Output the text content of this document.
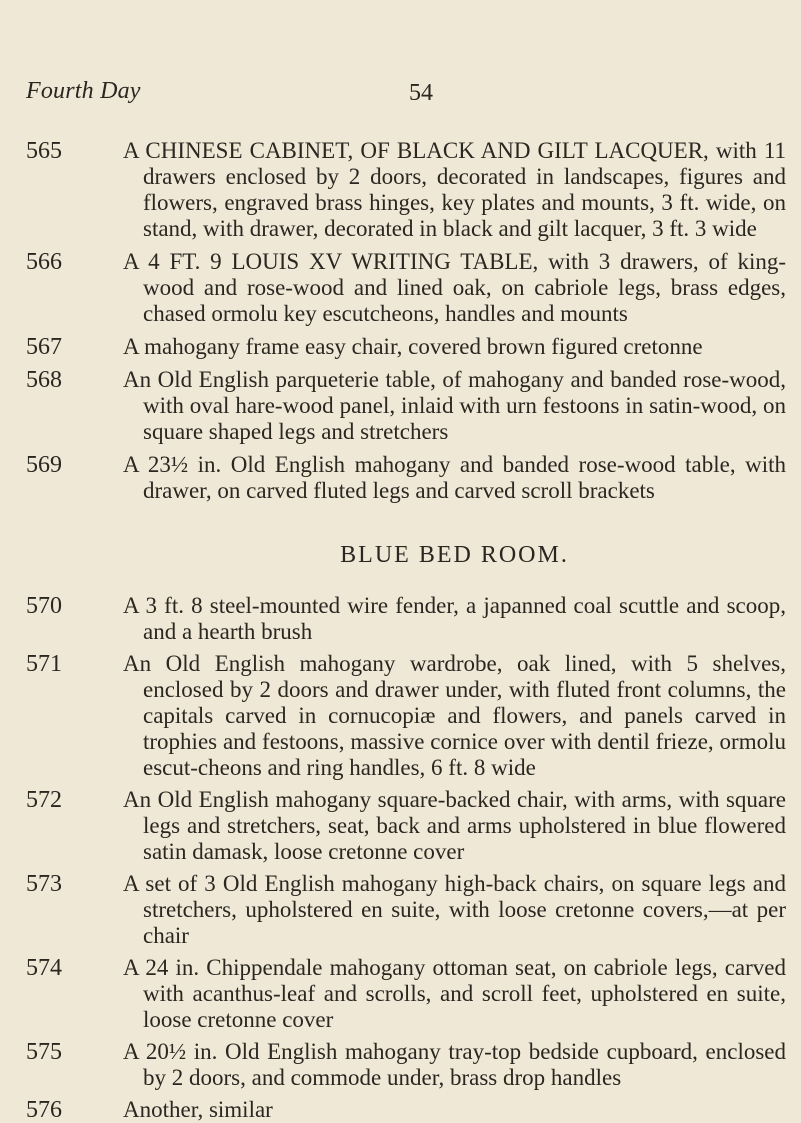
Fourth Day	54
565	A CHINESE CABINET, OF BLACK AND GILT LACQUER, with 11 drawers enclosed by 2 doors, decorated in landscapes, figures and flowers, engraved brass hinges, key plates and mounts, 3 ft. wide, on stand, with drawer, decorated in black and gilt lacquer, 3 ft. 3 wide
566	A 4 FT. 9 LOUIS XV WRITING TABLE, with 3 drawers, of king-wood and rose-wood and lined oak, on cabriole legs, brass edges, chased ormolu key escutcheons, handles and mounts
567	A mahogany frame easy chair, covered brown figured cretonne
568	An Old English parqueterie table, of mahogany and banded rose-wood, with oval hare-wood panel, inlaid with urn festoons in satin-wood, on square shaped legs and stretchers
569	A 23½ in. Old English mahogany and banded rose-wood table, with drawer, on carved fluted legs and carved scroll brackets
BLUE BED ROOM.
570	A 3 ft. 8 steel-mounted wire fender, a japanned coal scuttle and scoop, and a hearth brush
571	An Old English mahogany wardrobe, oak lined, with 5 shelves, enclosed by 2 doors and drawer under, with fluted front columns, the capitals carved in cornucopiæ and flowers, and panels carved in trophies and festoons, massive cornice over with dentil frieze, ormolu escut-cheons and ring handles, 6 ft. 8 wide
572	An Old English mahogany square-backed chair, with arms, with square legs and stretchers, seat, back and arms upholstered in blue flowered satin damask, loose cretonne cover
573	A set of 3 Old English mahogany high-back chairs, on square legs and stretchers, upholstered en suite, with loose cretonne covers,—at per chair
574	A 24 in. Chippendale mahogany ottoman seat, on cabriole legs, carved with acanthus-leaf and scrolls, and scroll feet, upholstered en suite, loose cretonne cover
575	A 20½ in. Old English mahogany tray-top bedside cupboard, enclosed by 2 doors, and commode under, brass drop handles
576	Another, similar
